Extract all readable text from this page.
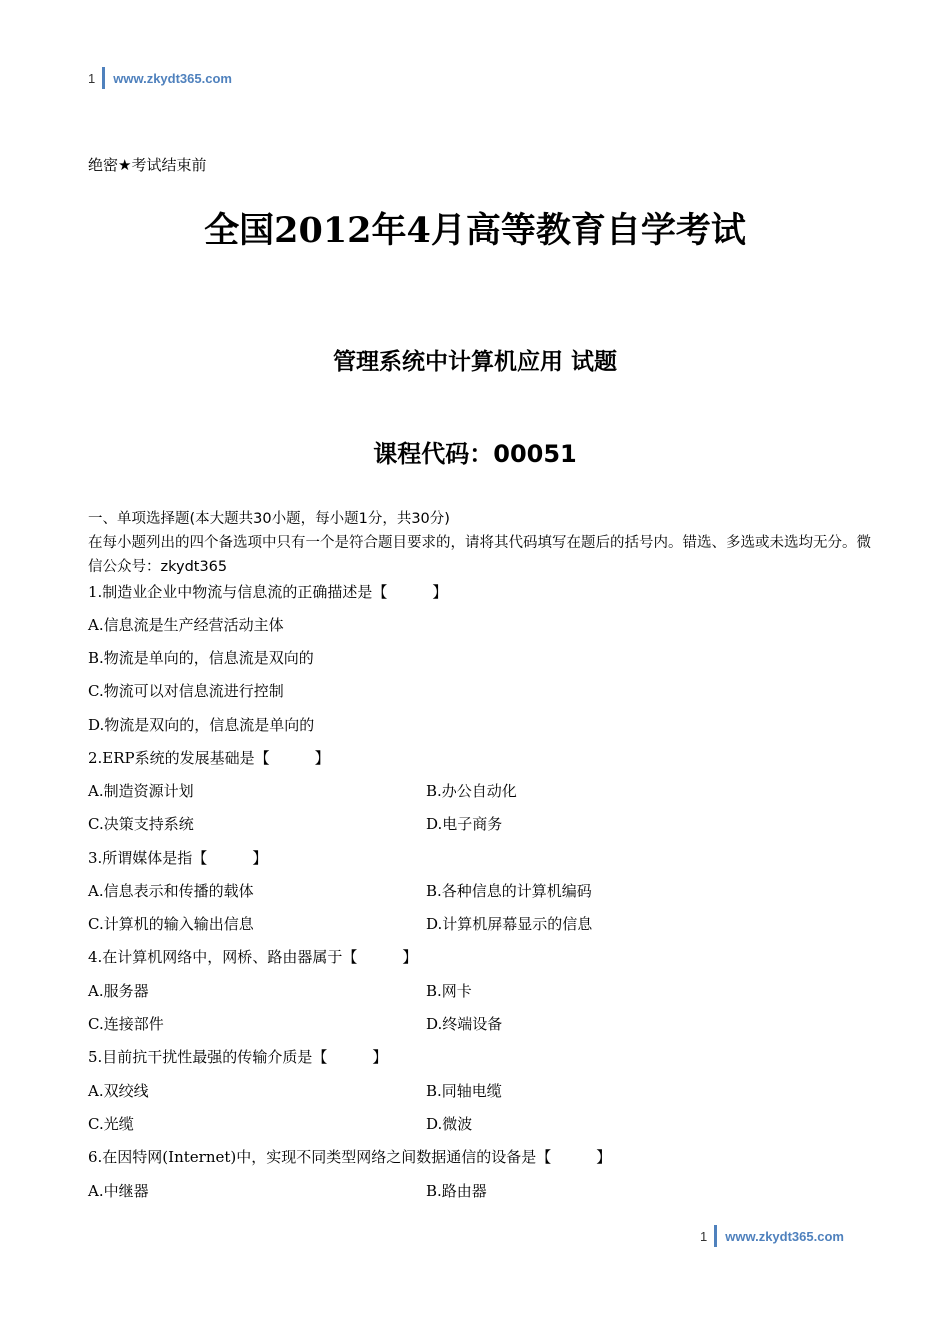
1 www.zkydt365.com
绝密★考试结束前
全国2012年4月高等教育自学考试
管理系统中计算机应用 试题
课程代码：00051
一、单项选择题(本大题共30小题，每小题1分，共30分)
在每小题列出的四个备选项中只有一个是符合题目要求的，请将其代码填写在题后的括号内。错选、多选或未选均无分。微信公众号：zkydt365
1.制造业企业中物流与信息流的正确描述是【　　　】
A.信息流是生产经营活动主体
B.物流是单向的，信息流是双向的
C.物流可以对信息流进行控制
D.物流是双向的，信息流是单向的
2.ERP系统的发展基础是【　　　】
A.制造资源计划	B.办公自动化
C.决策支持系统	D.电子商务
3.所谓媒体是指【　　　】
A.信息表示和传播的载体	B.各种信息的计算机编码
C.计算机的输入输出信息	D.计算机屏幕显示的信息
4.在计算机网络中，网桥、路由器属于【　　　】
A.服务器	B.网卡
C.连接部件	D.终端设备
5.目前抗干扰性最强的传输介质是【　　　】
A.双绞线	B.同轴电缆
C.光缆	D.微波
6.在因特网(Internet)中，实现不同类型网络之间数据通信的设备是【　　　】
A.中继器	B.路由器
1 www.zkydt365.com
